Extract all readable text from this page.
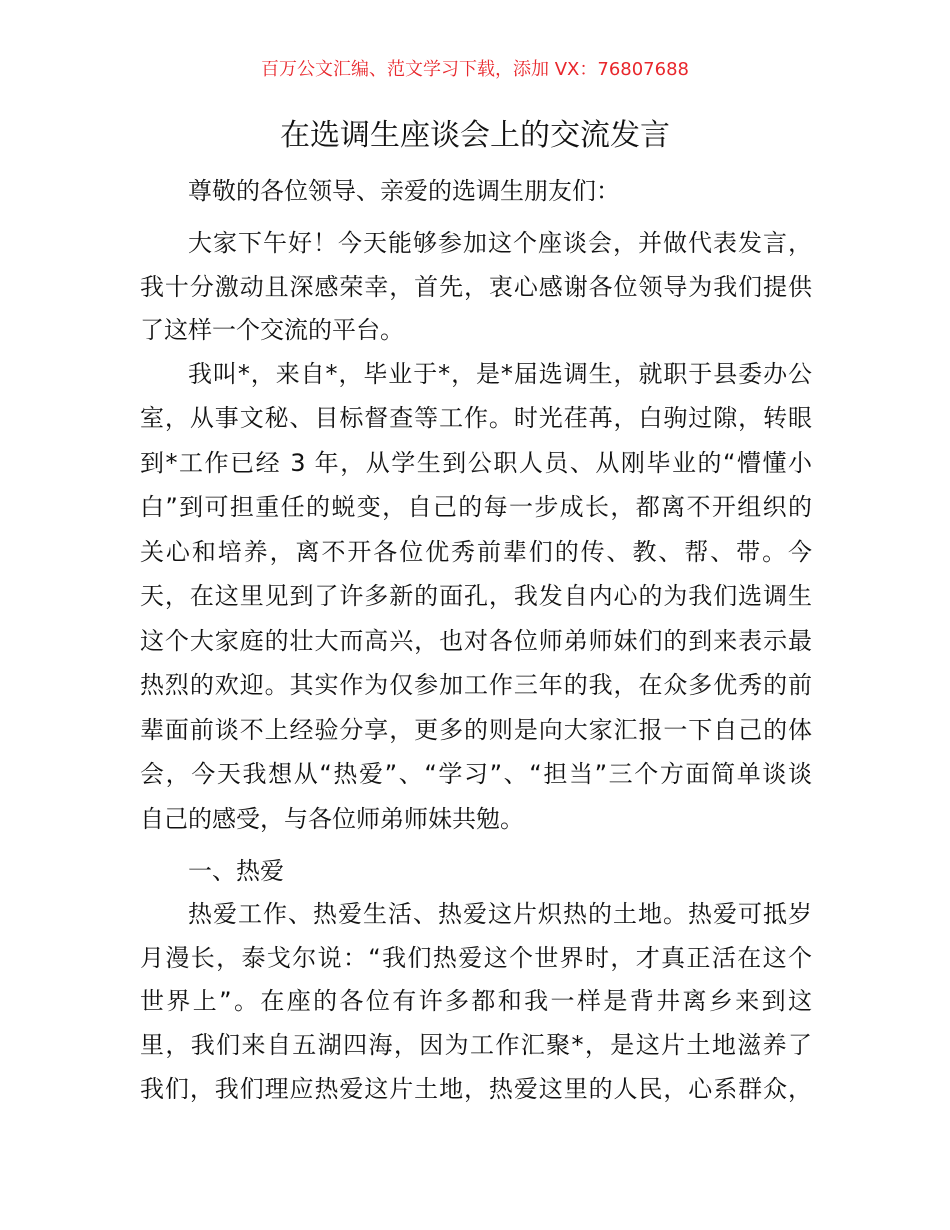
百万公文汇编、范文学习下载，添加 VX：76807688
在选调生座谈会上的交流发言
尊敬的各位领导、亲爱的选调生朋友们：
大家下午好！今天能够参加这个座谈会，并做代表发言，
我十分激动且深感荣幸，首先，衷心感谢各位领导为我们提供
了这样一个交流的平台。
我叫*，来自*，毕业于*，是*届选调生，就职于县委办公
室，从事文秘、目标督查等工作。时光荏苒，白驹过隙，转眼
到*工作已经 3 年，从学生到公职人员、从刚毕业的“懵懂小
白”到可担重任的蜕变，自己的每一步成长，都离不开组织的
关心和培养，离不开各位优秀前辈们的传、教、帮、带。今
天，在这里见到了许多新的面孔，我发自内心的为我们选调生
这个大家庭的壮大而高兴，也对各位师弟师妹们的到来表示最
热烈的欢迎。其实作为仅参加工作三年的我，在众多优秀的前
辈面前谈不上经验分享，更多的则是向大家汇报一下自己的体
会，今天我想从“热爱”、“学习”、“担当”三个方面简单谈谈
自己的感受，与各位师弟师妹共勉。
一、热爱
热爱工作、热爱生活、热爱这片炽热的土地。热爱可抵岁
月漫长，泰戈尔说：“我们热爱这个世界时，才真正活在这个
世界上”。在座的各位有许多都和我一样是背井离乡来到这
里，我们来自五湖四海，因为工作汇聚*，是这片土地滋养了
我们，我们理应热爱这片土地，热爱这里的人民，心系群众，
